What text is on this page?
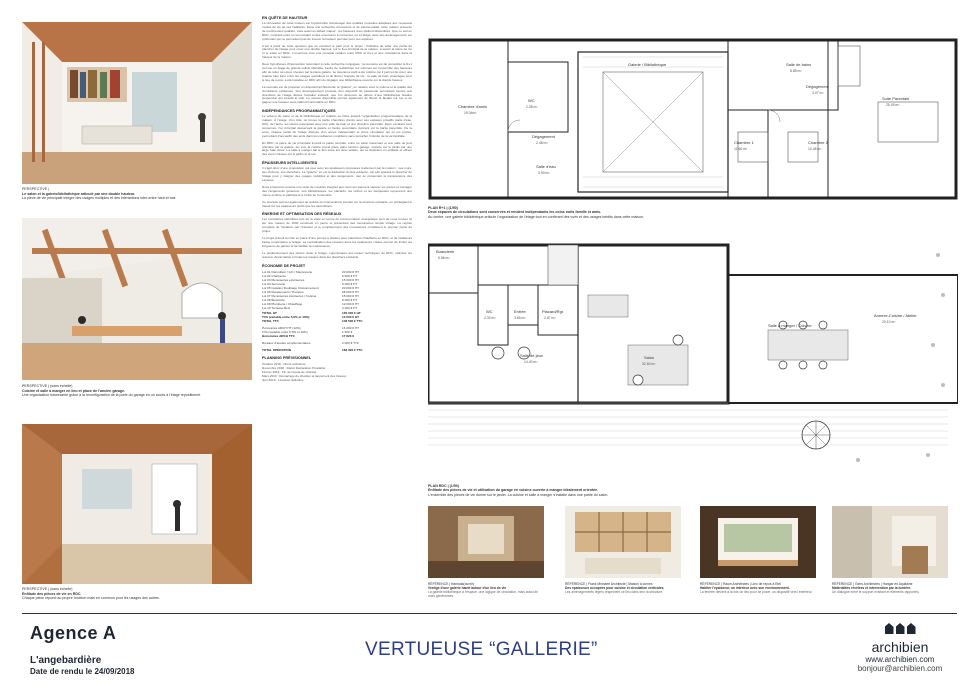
PERSPECTIVE |
Le salon et la galerie/bibliothèque articulé par une double hauteur.
La pièce de vie principale intègre des usages multiples et des interactions inter-entre haut et bas
PERSPECTIVE | (sans échelle)
Cuisine et salle à manger en lieu et place de l'ancien garage.
Une organisation traversante grâce à la reconfiguration de la porte du garage en un accès à l'étage repositionné.
PERSPECTIVE | (sans échelle)
Enfilade des pièces de vie en RDC.
Chaque pièce répond au propre fonction mais en commun pour les usages des autres.
EN QUÊTE DE HAUTEUR

La rénovation de cette maison est l'opportunité d'aménager des qualités nouvelles adaptées aux nouveaux modes de vie de ses habitants. Dans une recherche d'ouverture et de transversalité, cette maison présente de nombreuses qualités, mais aussi un défaut majeur : les hauteurs sous plafond disponibles. Que ce soit en RDC, contraint entre un sol existant et des ouvertures à conserver, ou à l'étage, avec des aménagements sur profondes qui ne permettent pas de trouver la hauteur permise pour ces espaces.

C'est à partir de cette question que se construit le parti pour le projet : l'initiative de vider une partie du plancher de l'étage pour créer une double hauteur, sur le lieu principal de la maison, à savoir la pièce de vie et le salon en RDC. L'ouverture crée une nouvelle relation entre RDC et R+1 et des circulations dans la hauteur de la maison.

Deux hypothèses d'intervention répondent à cette recherche conjuguée : la première est de consolider le R+1 comme un étage de grande cellule libérable, l'autre de redistribuer les volumes sur l'ensemble des hauteurs afin de relier ces deux niveaux par la pièce galerie. Le deuxième parti a été préféré car il permet de créer une relation plus forte entre les usages quotidiens et de libérer l'espace de vie : la salle de bain, aménagée pour le lieu de repos, a été installée en RDC afin de dégager une bibliothèque ouverte sur la double hauteur.

La seconde est de proposer un dispositif architectural, la "galerie", en relation avec le volume et la qualité des circulations existantes. Son développement procède d'un dispositif de passerelle permettant l'accès aux chambres de l'étage depuis l'escalier existant, que l'on découvre au détour d'une bibliothèque linéaire suspendue qui investit le vide. Le volume disponible permet également de libérer la façade sur rue et de gagner une hauteur sous plafond confortable en RDC.

INDÉPENDANCES PROGRAMMATIQUES

Le volume du salon et de la bibliothèque en relation se hisse jusqu'à l'organisation programmatique de la maison. À l'étage, d'un côté, on trouve la partie chambres d'amis avec ses espaces privatifs (salle d'eau, WC), de l'autre, les pièces parentales avec une salle de bain et une chambre parentale. Deux escaliers sont conservés, l'un principal desservant la galerie et l'autre secondaire donnant sur la partie parentale. De la sorte, chaque partie de l'étage dispose d'un accès indépendant et d'une circulation qui lui est propre, permettant d'accueillir des amis dans les meilleures conditions sans perturber l'intimité de la vie familiale.

En RDC, la pièce de vie principale investit la partie centrale, entre un salon traversant et une salle de jeux articulée par la galerie. Au sud, la cuisine prend place dans l'ancien garage, ouverte sur le jardin par une large baie vitrée. La salle à manger fait le lien entre les deux entités, qui se déploient en enfilade et offrent des vues croisées sur le jardin et la rue.

ÉPAISSEURS INTELLIGENTES

Il s'agit donc d'une proposition qui joue avec les épaisseurs proposées réellement par la maison : ses murs, ses cloisons, ses planchers. La "galerie" en est la traduction la plus évidente, car elle épaissit le plancher de l'étage pour y intégrer des usages multiples et des rangements, tout en préservant la transparence des espaces.

Nous proposons ensuite une série de meubles intégrés aux murs qui viennent séparer les pièces et ménager des rangements généreux. Les bibliothèques, les placards, les niches et les banquettes reprennent une même écriture et participent à l'unité de l'ensemble.

Ce procédé permet également de réduire les interventions lourdes sur la structure existante, en privilégiant le travail sur les épaisseurs plutôt que les démolitions.

ÉNERGIE ET OPTIMISATION DES RÉSEAUX

Les contraintes identifiées lors de la visite en terme de consommation énergétique sont de nous trouver ici sur une maison de 1930 construite en pierre et présentant des menuiseries simple vitrage. La reprise complète de l'isolation par l'intérieur et le remplacement des menuiseries constituent le premier poste du projet.

Le projet prévoit la mise en place d'une pompe à chaleur avec planchers chauffants en RDC, et de radiateurs basse température à l'étage. La centralisation des réseaux dans les épaisseurs créées permet de limiter les longueurs de gaines et de faciliter la maintenance.

Le positionnement des pièces d'eau à l'étage, superposées aux locaux techniques du RDC, optimise les réseaux d'évacuation et limite les travaux dans les planchers existants.

ÉCONOMIE DE PROJET
Lot 01 Démolition / GO / Maçonnerie	20 000 € HT
Lot 02 Charpente	6 000 € HT
Lot 03 Menuiseries extérieures	15 000 € HT
Lot 04 Serrurerie	5 000 € HT
Lot 05 Isolation Doublage Cloisonnement	20 000 € HT
Lot 06 Revêtements / Peinture	25 000 € HT
Lot 07 Menuiseries intérieures / Cuisine	15 000 € HT
Lot 08 Électricité	8 000 € HT
Lot 09 Plomberie / Chauffage	12 000 € HT
Lot 10 Terrasse Bois	3 000 € HT
TOTAL HT	135 000 € HT
TVA (variable entre 5,5% et 10%)	13 500 € HT
TOTAL TTC	148 500 € TTC
Honoraires ARCH HT (12%)	16 200 € HT
TVA (variable entre 5,5% et 10%)	1 620 €
Honoraires ARCH TTC	17 820 €
Bureaux d'études complémentaires	2 000 € TTC
TOTAL OPÉRATION	168 320 € TTC
PLANNING PRÉVISIONNEL
Octobre 2018 : Choix architecte
Novembre 2018 : Dépôt Déclaration Préalable
Février 2019 : Fin de l'étude de chantier
Mars 2019 : Démarrage du chantier et lancement des travaux
Juin 2019 : Livraison définitive
Chambre d'amis
19.04m²
WC
2.28 m²
Dégagement
2.48 m²
Salle d'eau
3.90 m²
Galerie / Bibliothèque	Salle de bains
8.85 m²
Dégagement
3.07 m²
Chambre 1
11.60 m²
Chambre 2
10.48 m²
Suite Parentale
25.49 m²
PLAN R+1 | (1/50)
Deux espaces de circulations sont conservés et rendent indépendants les coins nuits famille et amis.
Au centre, une galerie bibliothèque articule l'organisation de l'étage tout en conférant des vues et des usages inédits dans cette maison.
Buanderie
5.96 m²
WC
2.30 m²
Entrée
3.65 m²
Placard/Rgt
2.87 m²
Salle de jeux
14.40 m²
Salon
32.60 m²
Salle à manger / Cuisine
Annexe-Cuisine / Atelier
20.10 m²
PLAN RDC | (1/50)
Enfilade des pièces de vie et utilisation du garage en cuisine ouverte à manger idéalement orientée.
L'ensemble des pièces de vie donne sur le jardin. La cuisine et salle à manger s'installe dans une partie du salon.
RÉFÉRENCE | Hamada(ouvrir)
Vestige d'une galerie haute autour d'un lieu de vie
La galerie bibliothèque à l'espace, une logique de circulation, mais aussi de vues généreuses.
RÉFÉRENCE | Frank Minnaert Architecte | Maison à curnes
Des épaisseurs occupées pour cuisine et circulation verticales.
Les aménagements légers respectent ce lieu dans leur la structure.
RÉFÉRENCE | Raum Architectes | Lieu de repos à Etel
Habiter l'épaisseur, un intérieur avec son environnement.
La fenêtre devient à la fois un lieu pour se poser, un dispositif vers l'extérieur.
RÉFÉRENCE | Gens Architectes | Hangar en Aquitaine
Matérialités révélées et intervention par la lumière.
Un dialogue entre le support existant et éléments rapportés.
Agence A
L'angebardière
Date de rendu le 24/09/2018
VERTUEUSE “GALLERIE”	archibien
www.archibien.com
bonjour@archibien.com
